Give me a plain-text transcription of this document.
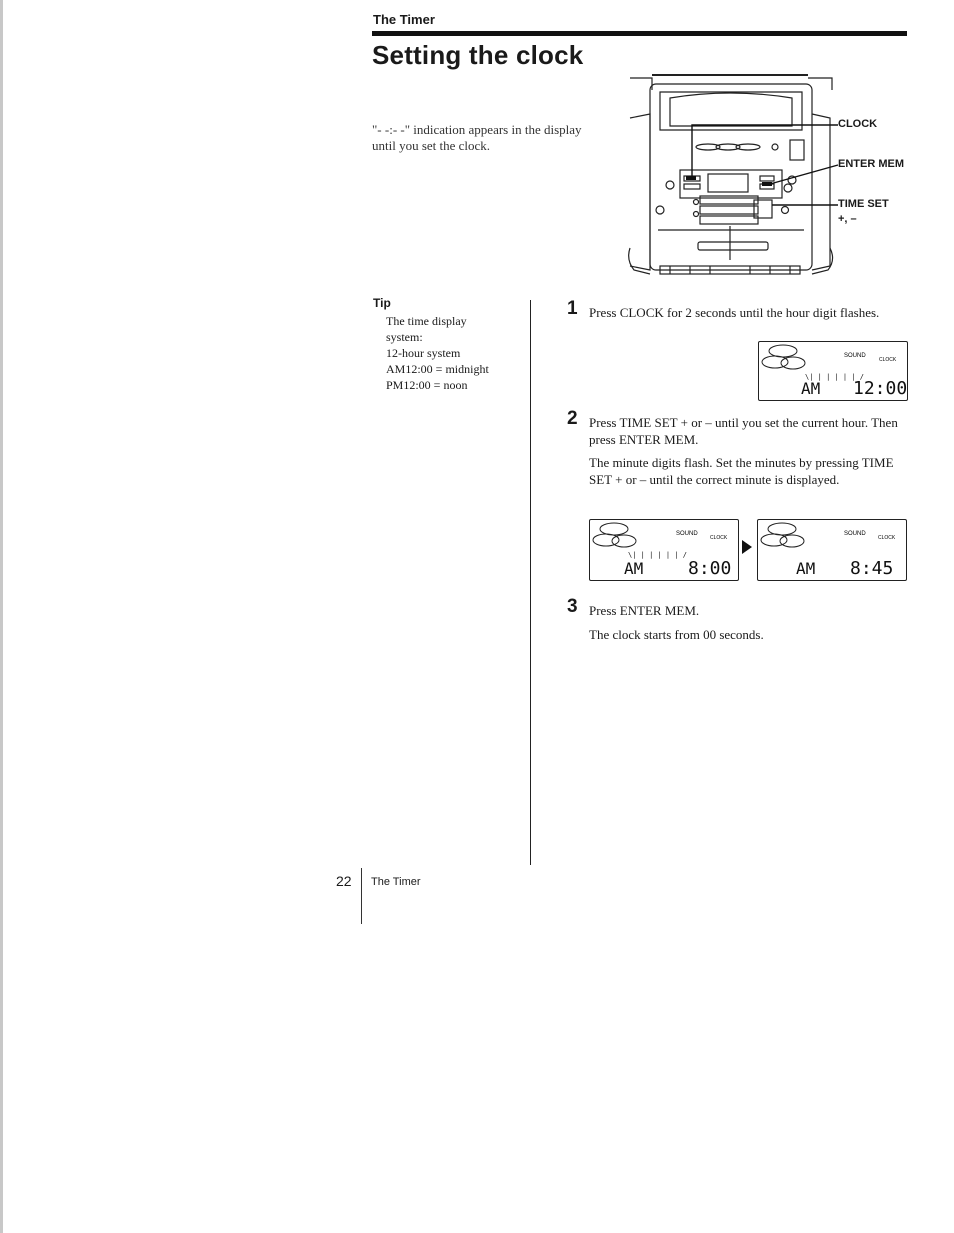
The Timer
Setting the clock
"- -:- -" indication appears in the display until you set the clock.
CLOCK
ENTER MEM
TIME SET
+, –
Tip
The time display
system:
12-hour system
AM12:00 = midnight
PM12:00 = noon
1 Press CLOCK for 2 seconds until the hour digit flashes.
SOUND
CLOCK
\| | | | | | /
AM 12:00
2 Press TIME SET + or – until you set the current hour. Then press ENTER MEM.
The minute digits flash. Set the minutes by pressing TIME SET + or – until the correct minute is displayed.
SOUND
CLOCK
\| | | | | | /
AM 8:00
SOUND
CLOCK
AM 8:45
3 Press ENTER MEM.
The clock starts from 00 seconds.
22 The Timer
